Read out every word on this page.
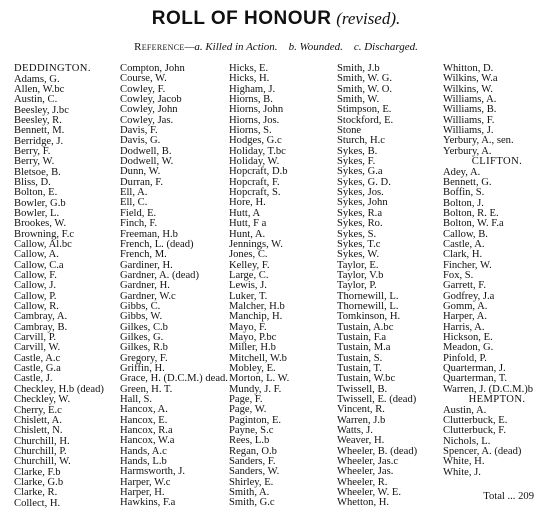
ROLL OF HONOUR (revised).
Reference—a. Killed in Action. b. Wounded. c. Discharged.
DEDDINGTON.
Adams, G.
Allen, W.bc
Austin, C.
Beesley, J.bc
Beesley, R.
Bennett, M.
Berridge, J.
Berry, F.
Berry, W.
Bletsoe, B.
Bliss, D.
Bolton, E.
Bowler, G.b
Bowler, L.
Brookes, W.
Browning, F.c
Callow, Al.bc
Callow, A.
Callow, C.a
Callow, F.
Callow, J.
Callow, P.
Callow, R.
Cambray, A.
Cambray, B.
Carvill, P.
Carvill, W.
Castle, A.c
Castle, G.a
Castle, J.
Checkley, H.b (dead)
Checkley, W.
Cherry, E.c
Chislett, A.
Chislett, N.
Churchill, H.
Churchill, P.
Churchill, W.
Clarke, F.b
Clarke, G.b
Clarke, R.
Collect, H.
Compton, John
Course, W.
Cowley, F.
Cowley, Jacob
Cowley, John
Cowley, Jas.
Davis, F.
Davis, G.
Dodwell, B.
Dodwell, W.
Dunn, W.
Durran, F.
Ell, A.
Ell, C.
Field, E.
Finch, F.
Freeman, H.b
French, L. (dead)
French, M.
Gardiner, H.
Gardner, A. (dead)
Gardner, H.
Gardner, W.c
Gibbs, C.
Gibbs, W.
Gilkes, C.b
Gilkes, G.
Gilkes, R.b
Gregory, F.
Griffin, H.
Grace, H. (D.C.M.) dead.
Green, H. T.
Hall, S.
Hancox, A.
Hancox, E.
Hancox, R.a
Hancox, W.a
Hands, A.c
Hands, L.b
Harmsworth, J.
Harper, W.c
Harper, H.
Hawkins, F.a
Hicks, E.
Hicks, H.
Higham, J.
Hiorns, B.
Hiorns, John
Hiorns, Jos.
Hiorns, S.
Hodges, G.c
Holiday, T.bc
Holiday, W.
Hopcraft, D.b
Hopcraft, F.
Hopcraft, S.
Hore, H.
Hutt, A
Hutt, F a
Hunt, A.
Jennings, W.
Jones, C.
Kelley, F.
Large, C.
Lewis, J.
Luker, T.
Malcher, H.b
Manchip, H.
Mayo, F.
Mayo, P.bc
Miller, H.b
Mitchell, W.b
Mobley, E.
Morton, L. W.
Mundy, J. F.
Page, F.
Page, W.
Paginton, E.
Payne, S.c
Rees, L.b
Regan, O.b
Sanders, F.
Sanders, W.
Shirley, E.
Smith, A.
Smith, G.c
Smith, J.b
Smith, W. G.
Smith, W. O.
Smith, W.
Stimpson, E.
Stockford, E.
Stone
Sturch, H.c
Sykes, B.
Sykes, F.
Sykes, G.a
Sykes, G. D.
Sykes, Jos.
Sykes, John
Sykes, R.a
Sykes, Ro.
Sykes, S.
Sykes, T.c
Sykes, W.
Taylor, E.
Taylor, V.b
Taylor, P.
Thornewill, L.
Thornewill, L.
Tomkinson, H.
Tustain, A.bc
Tustain, F.a
Tustain, M.a
Tustain, S.
Tustain, T.
Tustain, W.bc
Twissell, B.
Twissell, E. (dead)
Vincent, R.
Warren, J.b
Watts, J.
Weaver, H.
Wheeler, B. (dead)
Wheeler, Jas.c
Wheeler, Jas.
Wheeler, R.
Wheeler, W. E.
Whetton, H.
Whitton, D.
Wilkins, W.a
Wilkins, W.
Williams, A.
Williams, B.
Williams, F.
Williams, J.
Yerbury, A., sen.
Yerbury, A.
CLIFTON.
Adey, A.
Bennett, G.
Boffin, S.
Bolton, J.
Bolton, R. E.
Bolton, W. F.a
Callow, B.
Castle, A.
Clark, H.
Fincher, W.
Fox, S.
Garrett, F.
Godfrey, J.a
Gomm, A.
Harper, A.
Harris, A.
Hickson, E.
Meadon, G.
Pinfold, P.
Quarterman, J.
Quarterman, T.
Warren, J. (D.C.M.)b
HEMPTON.
Austin, A.
Clutterbuck, E.
Clutterbuck, F.
Nichols, L.
Spencer, A. (dead)
White, H.
White, J.
Total ... 209
